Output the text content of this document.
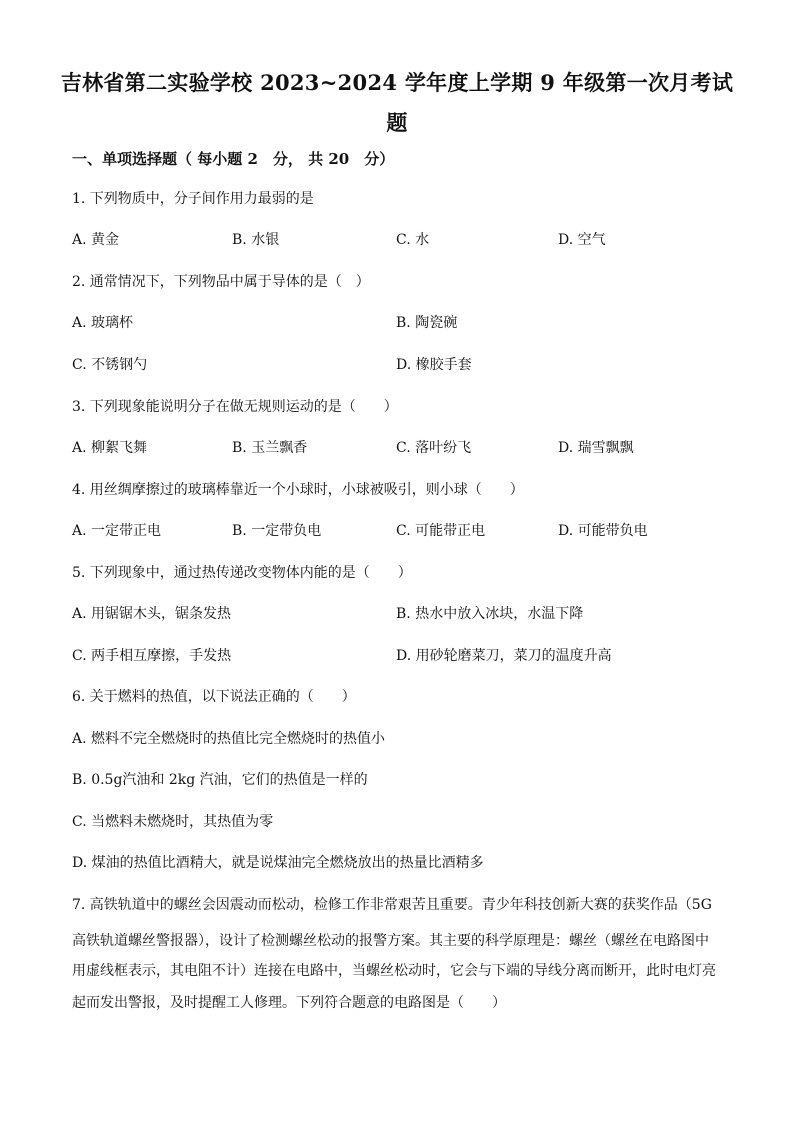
吉林省第二实验学校 2023~2024 学年度上学期 9 年级第一次月考试
题
一、单项选择题（ 每小题 2　分， 共 20　分）
1. 下列物质中，分子间作用力最弱的是
A. 黄金	B. 水银	C. 水	D. 空气
2. 通常情况下，下列物品中属于导体的是（　）
A. 玻璃杯	B. 陶瓷碗
C. 不锈钢勺	D. 橡胶手套
3. 下列现象能说明分子在做无规则运动的是（　　）
A. 柳絮飞舞	B. 玉兰飘香	C. 落叶纷飞	D. 瑞雪飘飘
4. 用丝绸摩擦过的玻璃棒靠近一个小球时，小球被吸引，则小球（　　）
A. 一定带正电	B. 一定带负电	C. 可能带正电	D. 可能带负电
5. 下列现象中，通过热传递改变物体内能的是（　　）
A. 用锯锯木头，锯条发热	B. 热水中放入冰块，水温下降
C. 两手相互摩擦，手发热	D. 用砂轮磨菜刀，菜刀的温度升高
6. 关于燃料的热值，以下说法正确的（　　）
A. 燃料不完全燃烧时的热值比完全燃烧时的热值小
B. 0.5g汽油和 2kg 汽油，它们的热值是一样的
C. 当燃料未燃烧时，其热值为零
D. 煤油的热值比酒精大，就是说煤油完全燃烧放出的热量比酒精多
7. 高铁轨道中的螺丝会因震动而松动，检修工作非常艰苦且重要。青少年科技创新大赛的获奖作品（5G
高铁轨道螺丝警报器），设计了检测螺丝松动的报警方案。其主要的科学原理是：螺丝（螺丝在电路图中
用虚线框表示，其电阻不计）连接在电路中，当螺丝松动时，它会与下端的导线分离而断开，此时电灯亮
起而发出警报，及时提醒工人修理。下列符合题意的电路图是（　　）
